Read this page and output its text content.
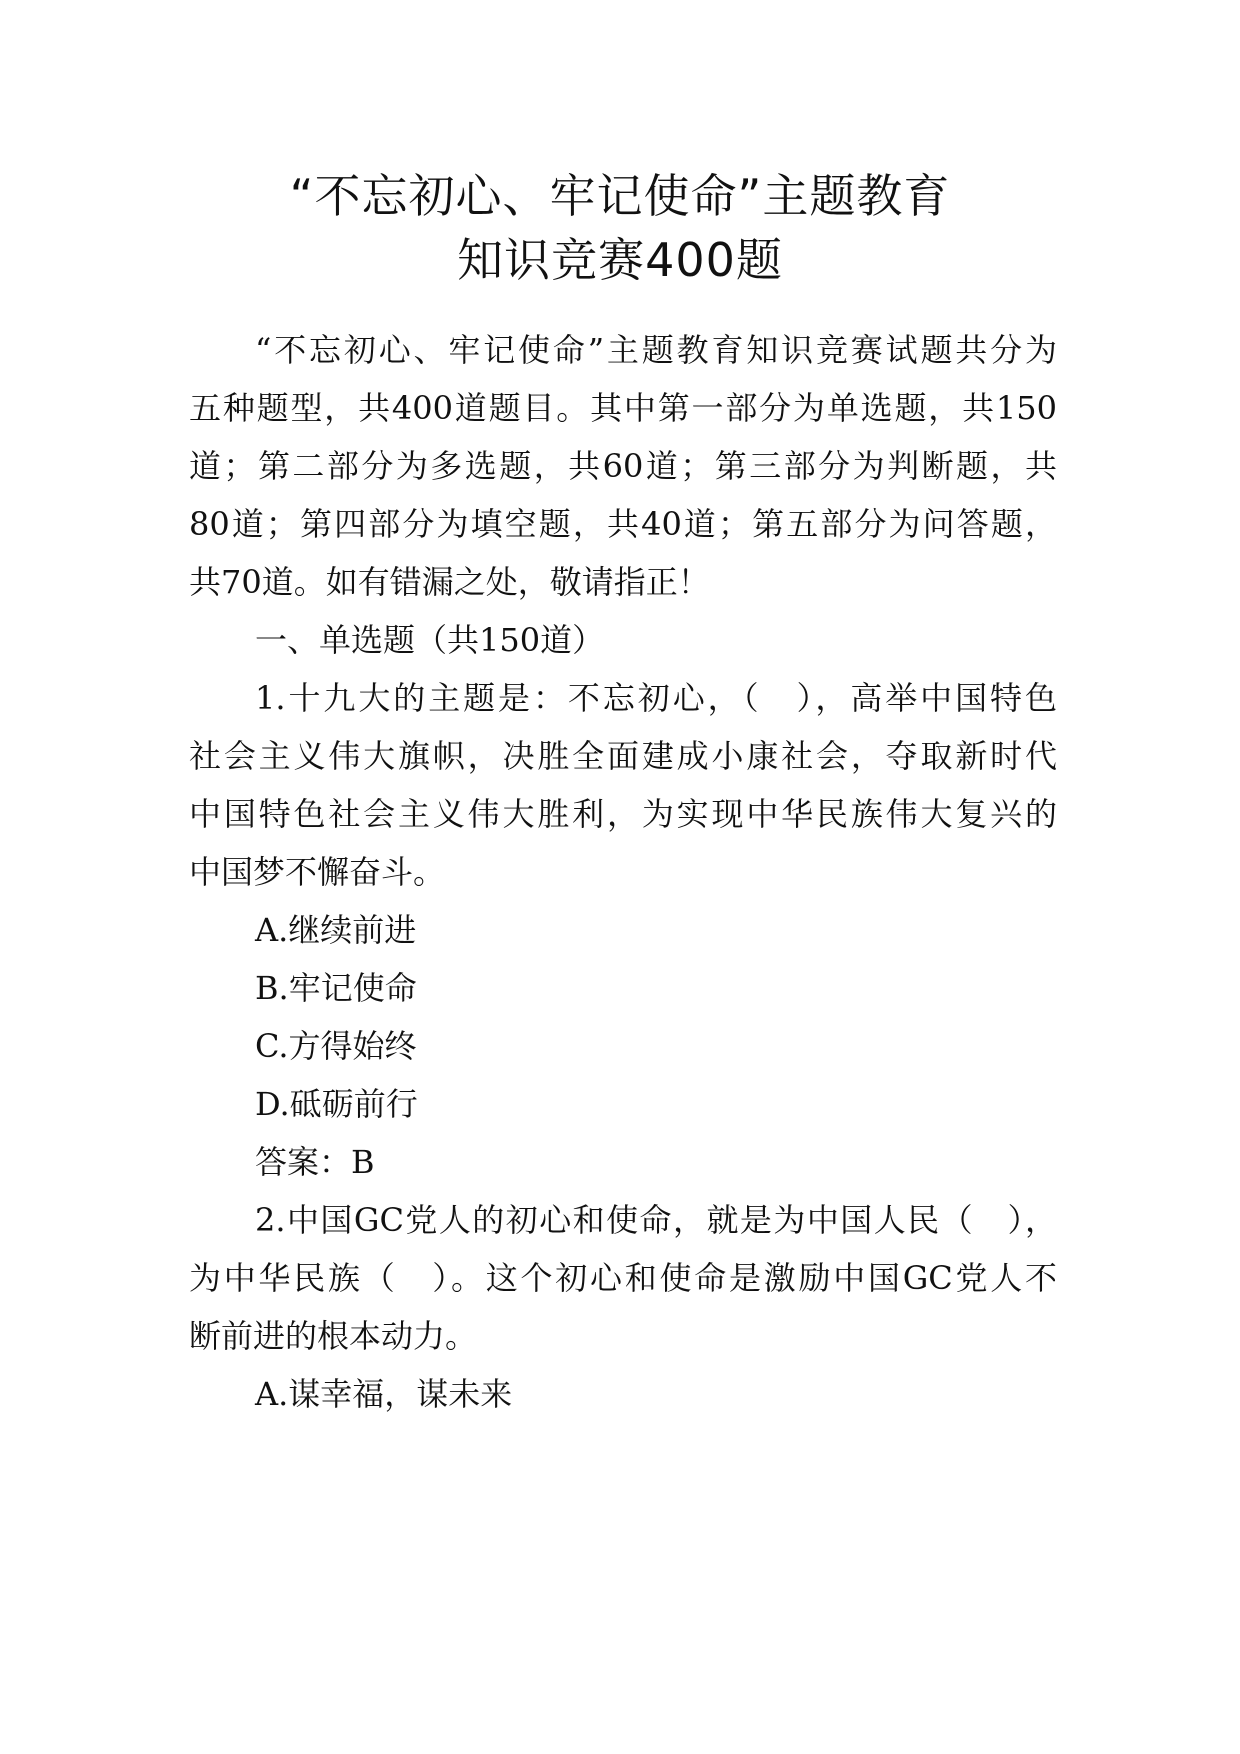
“不忘初心、牢记使命”主题教育
知识竞赛400题
“不忘初心、牢记使命”主题教育知识竞赛试题共分为
五种题型，共400道题目。其中第一部分为单选题，共150
道；第二部分为多选题，共60道；第三部分为判断题，共
80道；第四部分为填空题，共40道；第五部分为问答题，
共70道。如有错漏之处，敬请指正！
一、单选题（共150道）
1.十九大的主题是：不忘初心，（　），高举中国特色
社会主义伟大旗帜，决胜全面建成小康社会，夺取新时代
中国特色社会主义伟大胜利，为实现中华民族伟大复兴的
中国梦不懈奋斗。
A.继续前进
B.牢记使命
C.方得始终
D.砥砺前行
答案：B
2.中国GC党人的初心和使命，就是为中国人民（　），
为中华民族（　）。这个初心和使命是激励中国GC党人不
断前进的根本动力。
A.谋幸福，谋未来
